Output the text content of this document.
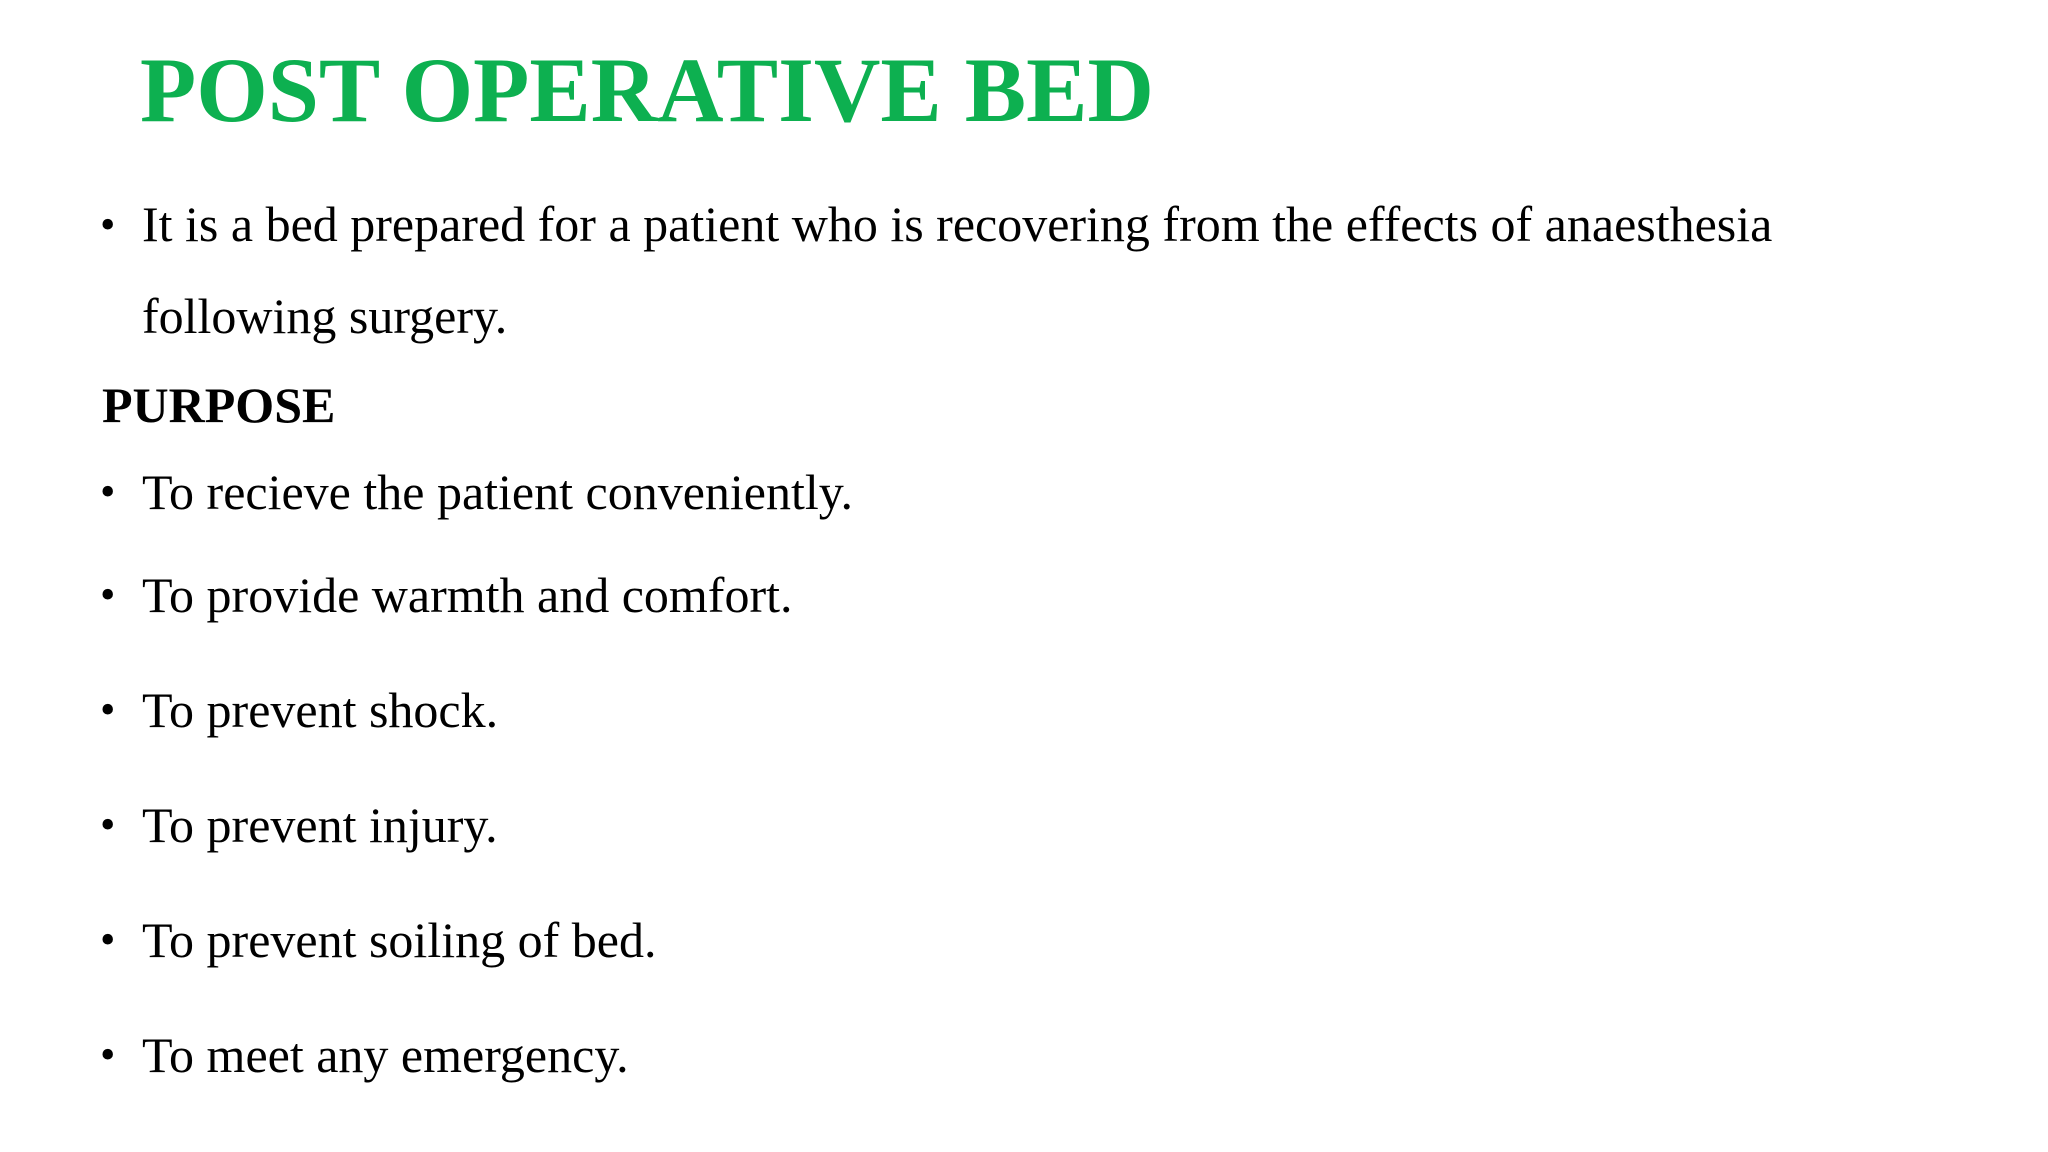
POST OPERATIVE BED
• It is a bed prepared for a patient who is recovering from the effects of anaesthesia
following surgery.
PURPOSE
• To recieve the patient conveniently.
• To provide warmth and comfort.
• To prevent shock.
• To prevent injury.
• To prevent soiling of bed.
• To meet any emergency.
